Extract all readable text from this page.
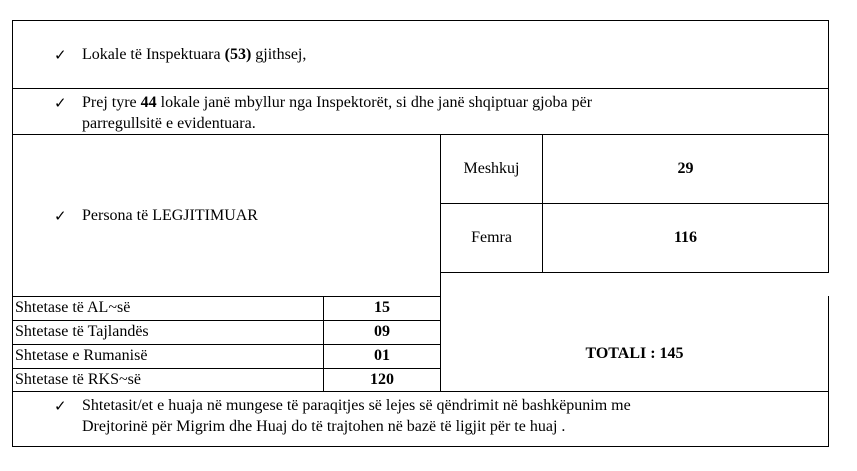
✓ Lokale të Inspektuara (53) gjithsej,
✓ Prej tyre 44 lokale janë mbyllur nga Inspektorët, si dhe janë shqiptuar gjoba për
parregullsitë e evidentuara.
✓ Persona të LEGJITIMUAR
Meshkuj	29
Femra	116
Shtetase të AL~së	15
Shtetase të Tajlandës	09
Shtetase e Rumanisë	01
Shtetase të RKS~së	120
TOTALI : 145
✓ Shtetasit/et e huaja në mungese të paraqitjes së lejes së qëndrimit në bashkëpunim me
Drejtorinë për Migrim dhe Huaj do të trajtohen në bazë të ligjit për te huaj .
